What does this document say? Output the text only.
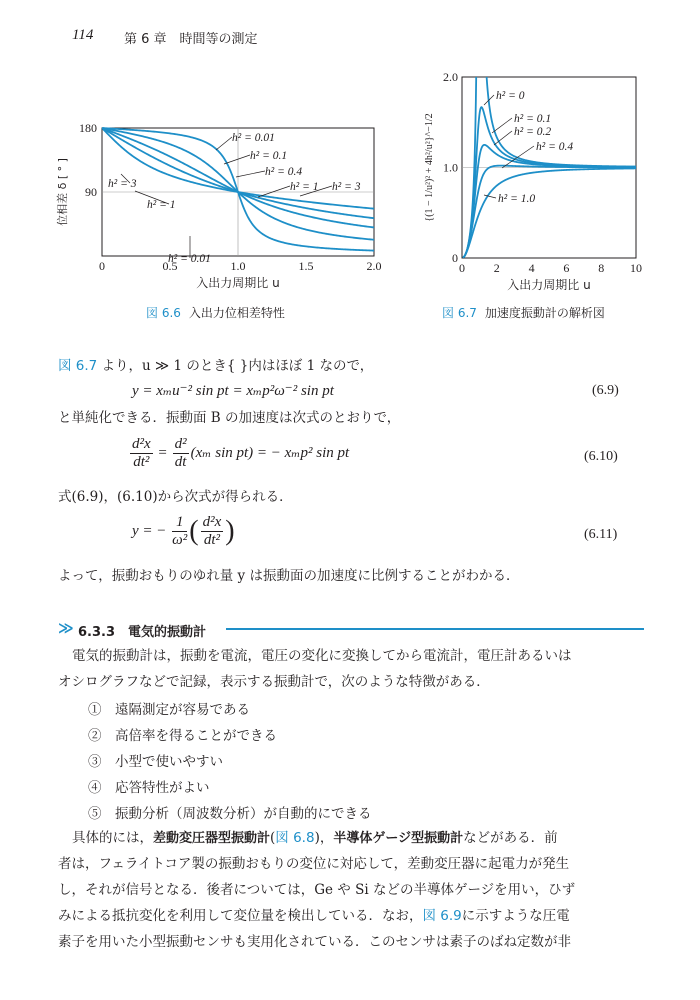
114 第 6 章　時間等の測定
0	0.5	1.0	1.5	2.0
90
180
入出力周期比 u
位相差 δ [ ° ]
h² = 0.01
h² = 0.1
h² = 0.4
h² = 1 h² = 3
h² = 3
h² = 1
h² = 0.01
0 2 4 6 8 10
0
1.0
2.0
入出力周期比 u
{(1 − 1/u²)² + 4h²/u²}^−1/2
h² = 0
h² = 0.1
h² = 0.2
h² = 0.4
h² = 1.0
図 6.6 入出力位相差特性	図 6.7 加速度振動計の解析図
図 6.7 より，u ≫ 1 のとき{ }内はほぼ 1 なので，
y = xₘu⁻² sin pt = xₘp²ω⁻² sin pt	(6.9)
と単純化できる．振動面 B の加速度は次式のとおりで，
$\frac{\text{d²x}}{\text{dt²}} = \frac{\text{d²}}{dt} (x_m$ sin pt) = − xₘp² sin pt	(6.10)
式(6.9)，(6.10)から次式が得られる．
y = − $\frac{1}{\text{ω²}}$ ( $\frac{\text{d²x}}{\text{dt²}}$ )	(6.11)
よって，振動おもりのゆれ量 y は振動面の加速度に比例することがわかる．
≫ 6.3.3　 電気的振動計
電気的振動計は，振動を電流，電圧の変化に変換してから電流計，電圧計あるいは
オシログラフなどで記録，表示する振動計で，次のような特徴がある．
①　 遠隔測定が容易である
②　 高倍率を得ることができる
③　 小型で使いやすい
④　 応答特性がよい
⑤　 振動分析（周波数分析）が自動的にできる
具体的には，差動変圧器型振動計(図 6.8)，半導体ゲージ型振動計などがある．前
者は，フェライトコア製の振動おもりの変位に対応して，差動変圧器に起電力が発生
し，それが信号となる．後者については，Ge や Si などの半導体ゲージを用い，ひず
みによる抵抗変化を利用して変位量を検出している．なお，図 6.9に示すような圧電
素子を用いた小型振動センサも実用化されている．このセンサは素子のばね定数が非
